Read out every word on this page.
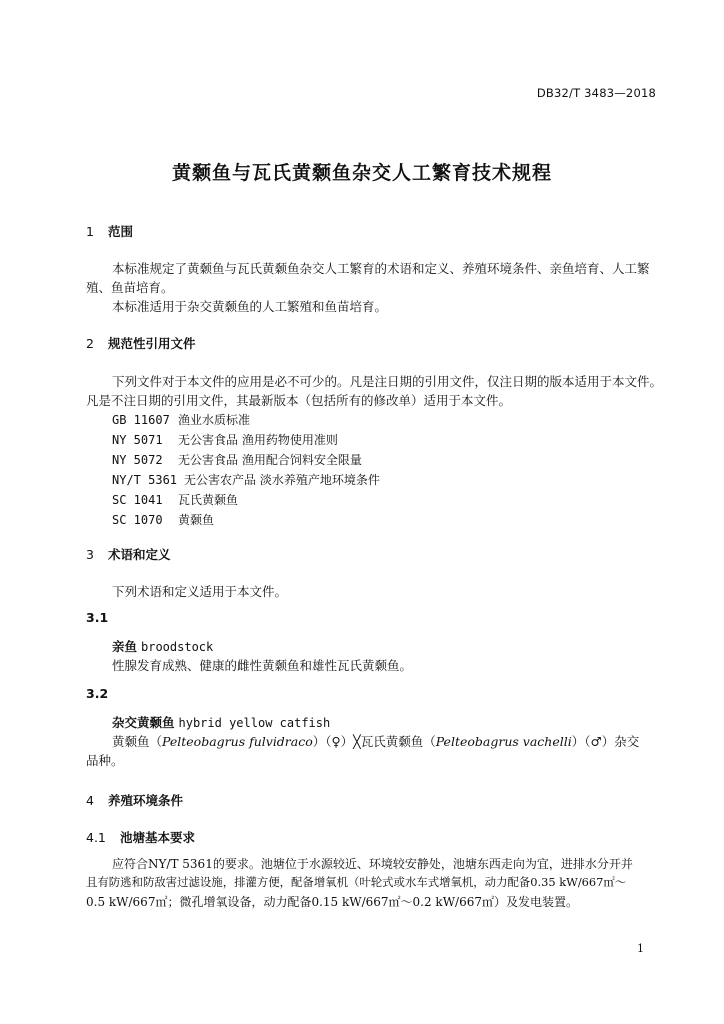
DB32/T 3483—2018
黄颡鱼与瓦氏黄颡鱼杂交人工繁育技术规程
1 范围
本标准规定了黄颡鱼与瓦氏黄颡鱼杂交人工繁育的术语和定义、养殖环境条件、亲鱼培育、人工繁
殖、鱼苗培育。
本标准适用于杂交黄颡鱼的人工繁殖和鱼苗培育。
2 规范性引用文件
下列文件对于本文件的应用是必不可少的。凡是注日期的引用文件，仅注日期的版本适用于本文件。
凡是不注日期的引用文件，其最新版本（包括所有的修改单）适用于本文件。
GB 11607 渔业水质标准
NY 5071 无公害食品 渔用药物使用准则
NY 5072 无公害食品 渔用配合饲料安全限量
NY/T 5361 无公害农产品 淡水养殖产地环境条件
SC 1041 瓦氏黄颡鱼
SC 1070 黄颡鱼
3 术语和定义
下列术语和定义适用于本文件。
3.1
亲鱼 broodstock
性腺发育成熟、健康的雌性黄颡鱼和雄性瓦氏黄颡鱼。
3.2
杂交黄颡鱼 hybrid yellow catfish
黄颡鱼（Pelteobagrus fulvidraco）（♀）╳瓦氏黄颡鱼（Pelteobagrus vachelli）（♂）杂交
品种。
4 养殖环境条件
4.1 池塘基本要求
应符合NY/T 5361的要求。池塘位于水源较近、环境较安静处，池塘东西走向为宜，进排水分开并
且有防逃和防敌害过滤设施，排灌方便，配备增氧机（叶轮式或水车式增氧机，动力配备0.35 kW/667㎡～
0.5 kW/667㎡；微孔增氧设备，动力配备0.15 kW/667㎡～0.2 kW/667㎡）及发电装置。
1
